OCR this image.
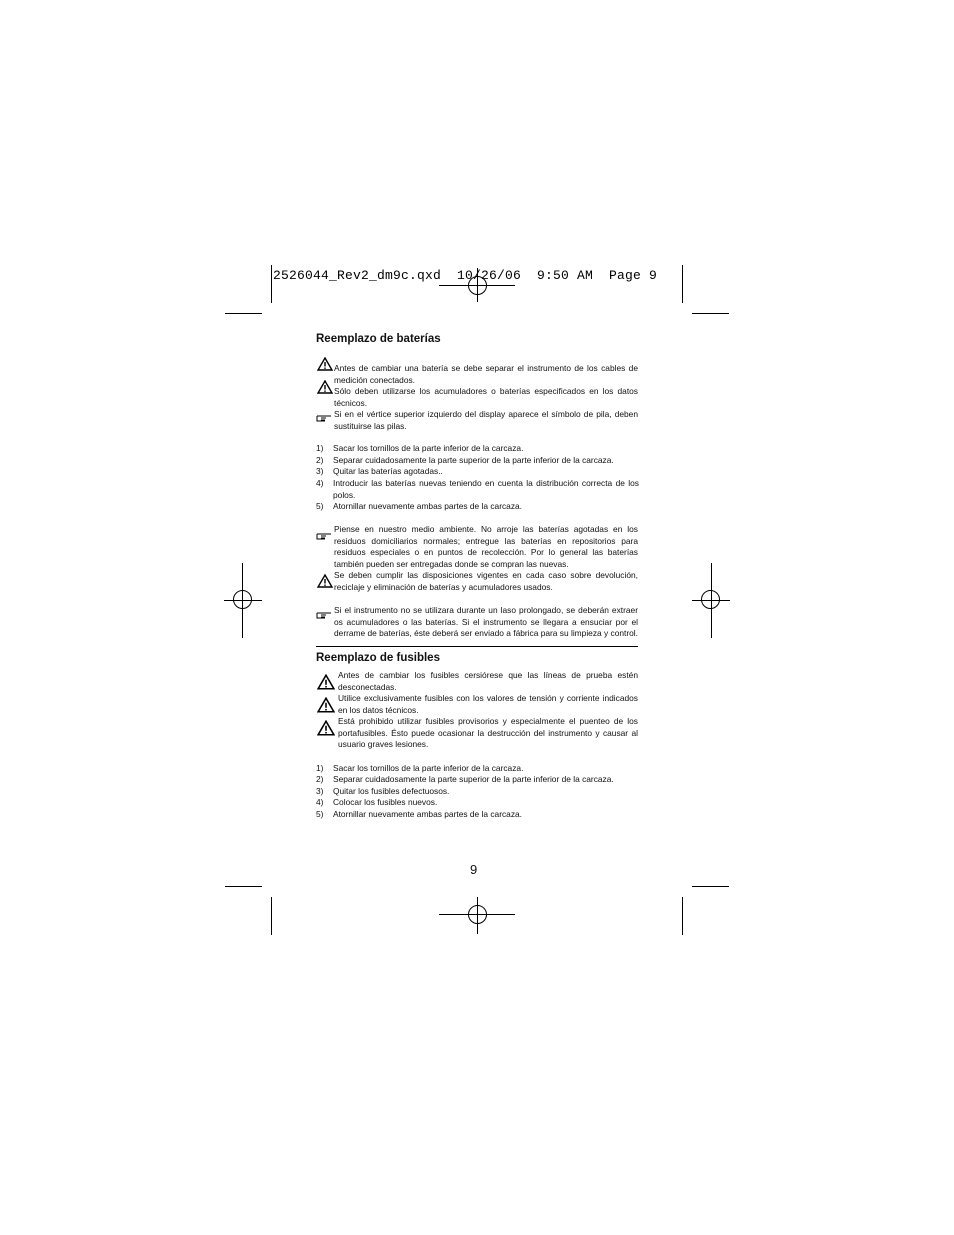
2526044_Rev2_dm9c.qxd  10/26/06  9:50 AM  Page 9
Reemplazo de baterías
Antes de cambiar una batería se debe separar el instrumento de los cables de medición conectados.
Sólo deben utilizarse los acumuladores o baterías especificados en los datos técnicos.
Si en el vértice superior izquierdo del display aparece el símbolo de pila, deben sustituirse las pilas.
1) Sacar los tornillos de la parte inferior de la carcaza.
2) Separar cuidadosamente la parte superior de la parte inferior de la carcaza.
3) Quitar las baterías agotadas..
4) Introducir las baterías nuevas teniendo en cuenta la distribución correcta de los polos.
5) Atornillar nuevamente ambas partes de la carcaza.
Piense en nuestro medio ambiente. No arroje las baterías agotadas en los residuos domiciliarios normales; entregue las baterías en repositorios para residuos especiales o en puntos de recolección. Por lo general las baterías también pueden ser entregadas donde se compran las nuevas.
Se deben cumplir las disposiciones vigentes en cada caso sobre devolución, reciclaje y eliminación de baterías y acumuladores usados.
Si el instrumento no se utilizara durante un laso prolongado, se deberán extraer os acumuladores o las baterías. Si el instrumento se llegara a ensuciar por el derrame de baterías, éste deberá ser enviado a fábrica para su limpieza y control.
Reemplazo de fusibles
Antes de cambiar los fusibles cersiórese que las líneas de prueba estén desconectadas.
Utilice exclusivamente fusibles con los valores de tensión y corriente indicados en los datos técnicos.
Está prohibido utilizar fusibles provisorios y especialmente el puenteo de los portafusibles. Ésto puede ocasionar la destrucción del instrumento y causar al usuario graves lesiones.
1) Sacar los tornillos de la parte inferior de la carcaza.
2) Separar cuidadosamente la parte superior de la parte inferior de la carcaza.
3) Quitar los fusibles defectuosos.
4) Colocar los fusibles nuevos.
5) Atornillar nuevamente ambas partes de la carcaza.
9
